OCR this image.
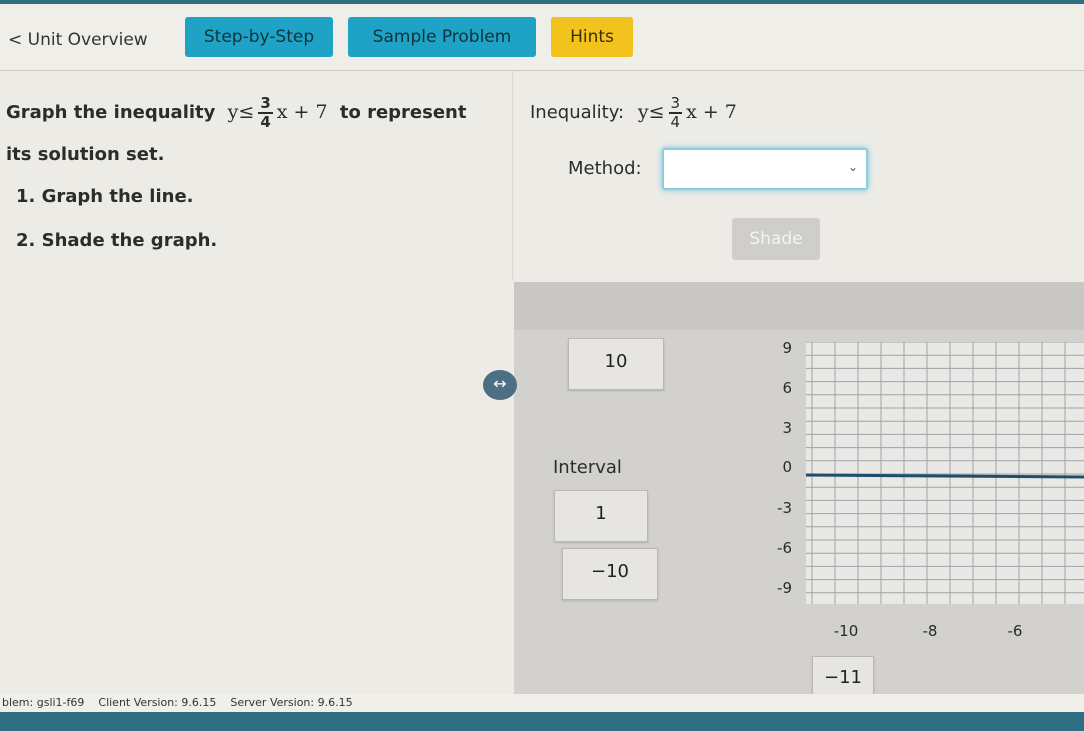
< Unit Overview	Step-by-Step	Sample Problem	Hints
Graph the inequality $y\le \frac{3}{4}$ x + 7 to represent
its solution set.
1. Graph the line.
2. Shade the graph.
Inequality: $y\le \frac{3}{4}$ x + 7
Method:	⌄
Shade
↔
10
Interval
1
−10
−11
blem: gsli1-f69 Client Version: 9.6.15 Server Version: 9.6.15
9
6
3
0
-3
-6
-9
-10	-8	-6
